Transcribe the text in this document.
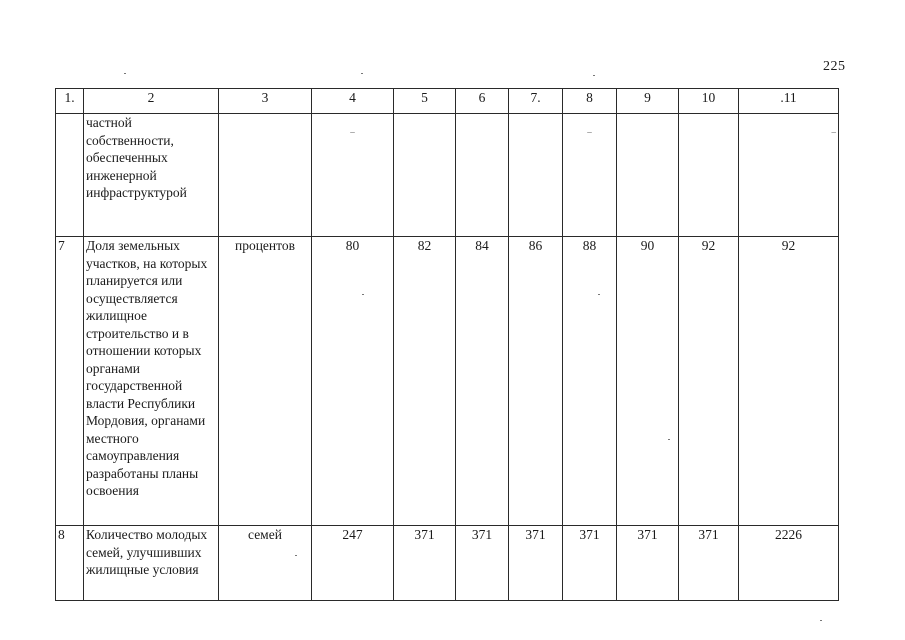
225
1.	2	3	4	5	6	7.	8	9	10	.11
	частной собственности, обеспеченных инженерной инфраструктурой		–				–			–
7	Доля земельных участков, на которых планируется или осуществляется жилищное строительство и в отношении которых органами государственной власти Республики Мордовия, органами местного самоуправления разработаны планы освоения	процентов	80	82	84	86	88	90	92	92
8	Количество молодых семей, улучшивших жилищные условия	семей	247	371	371	371	371	371	371	2226
